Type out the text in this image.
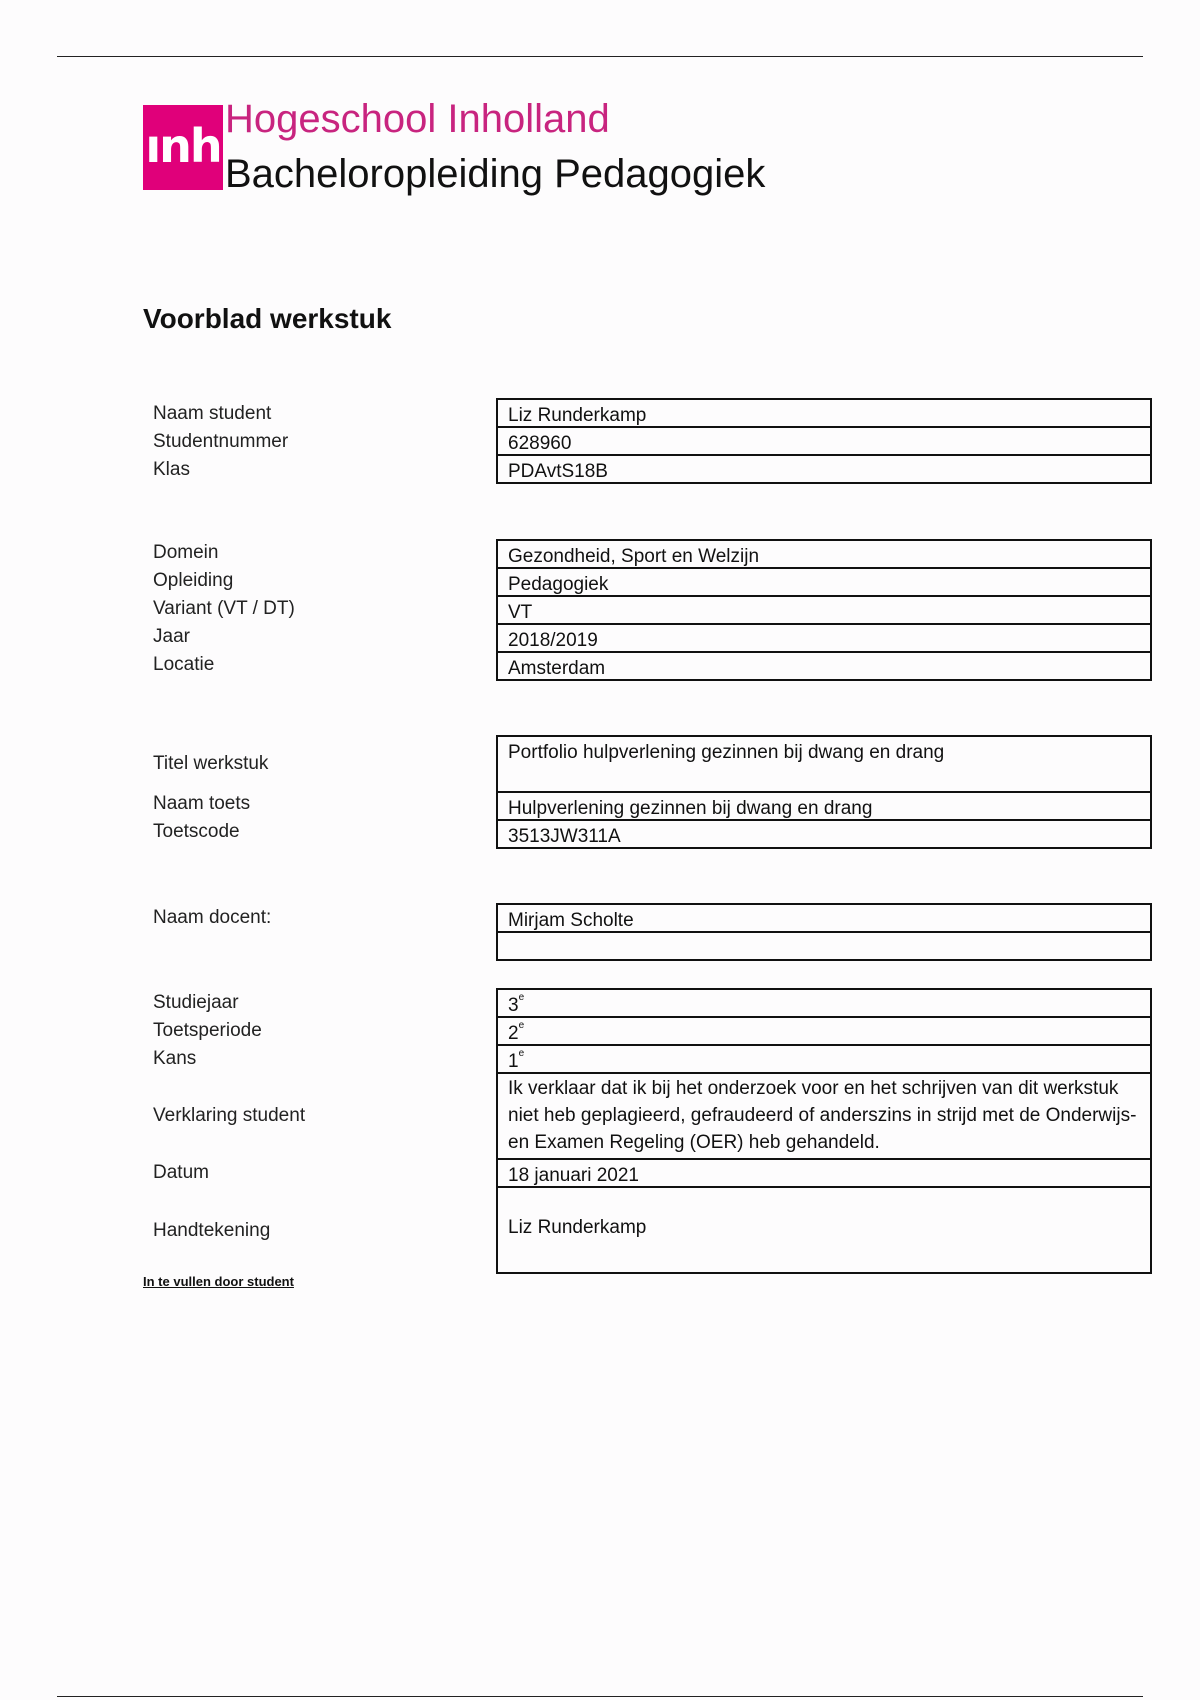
ınh Hogeschool Inholland
Bacheloropleiding Pedagogiek
Voorblad werkstuk
Naam student
Studentnummer
Klas
Liz Runderkamp
628960
PDAvtS18B
Domein
Opleiding
Variant (VT / DT)
Jaar
Locatie
Gezondheid, Sport en Welzijn
Pedagogiek
VT
2018/2019
Amsterdam
Titel werkstuk
Naam toets
Toetscode
Portfolio hulpverlening gezinnen bij dwang en drang
Hulpverlening gezinnen bij dwang en drang
3513JW311A
Naam docent:	Mirjam Scholte
Studiejaar
Toetsperiode
Kans
Verklaring student
Datum
Handtekening
3e
2e
1e
Ik verklaar dat ik bij het onderzoek voor en het schrijven van dit werkstuk niet heb geplagieerd, gefraudeerd of anderszins in strijd met de Onderwijs- en Examen Regeling (OER) heb gehandeld.
18 januari 2021
Liz Runderkamp
In te vullen door student
